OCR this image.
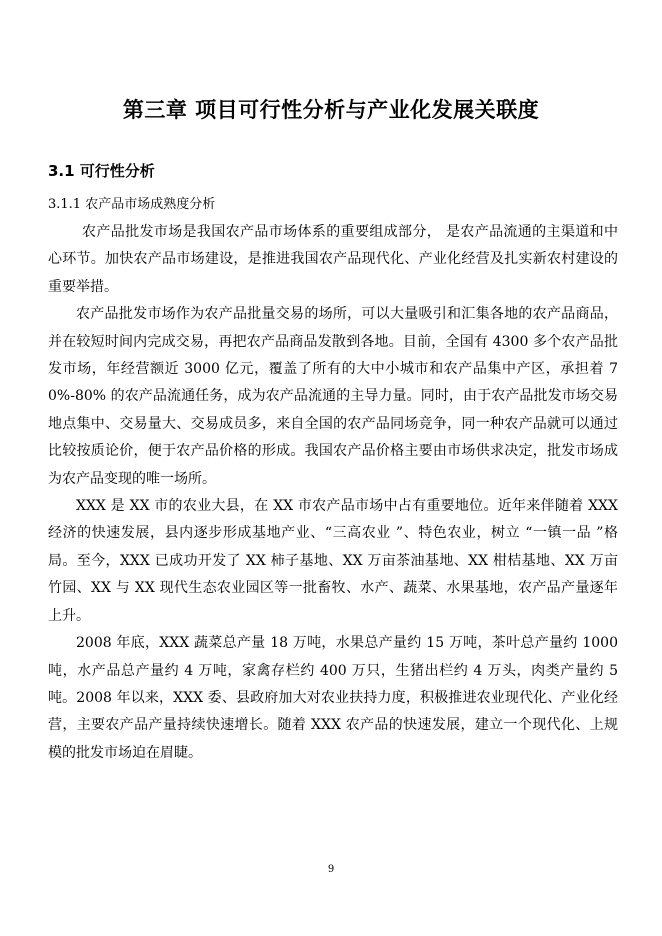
第三章 项目可行性分析与产业化发展关联度
3.1 可行性分析
3.1.1 农产品市场成熟度分析

农产品批发市场是我国农产品市场体系的重要组成部分， 是农产品流通的主渠道和中心环节。加快农产品市场建设，是推进我国农产品现代化、产业化经营及扎实新农村建设的重要举措。

农产品批发市场作为农产品批量交易的场所，可以大量吸引和汇集各地的农产品商品，并在较短时间内完成交易，再把农产品商品发散到各地。目前，全国有 4300 多个农产品批发市场，年经营额近 3000 亿元，覆盖了所有的大中小城市和农产品集中产区，承担着 70%-80% 的农产品流通任务，成为农产品流通的主导力量。同时，由于农产品批发市场交易地点集中、交易量大、交易成员多，来自全国的农产品同场竞争，同一种农产品就可以通过比较按质论价，便于农产品价格的形成。我国农产品价格主要由市场供求决定，批发市场成为农产品变现的唯一场所。

XXX 是 XX 市的农业大县，在 XX 市农产品市场中占有重要地位。近年来伴随着 XXX 经济的快速发展，县内逐步形成基地产业、“三高农业 ”、特色农业，树立 “一镇一品 ”格局。至今，XXX 已成功开发了 XX 柿子基地、XX 万亩茶油基地、XX 柑桔基地、XX 万亩竹园、XX 与 XX 现代生态农业园区等一批畜牧、水产、蔬菜、水果基地，农产品产量逐年上升。

2008 年底，XXX 蔬菜总产量 18 万吨，水果总产量约 15 万吨，茶叶总产量约 1000 吨，水产品总产量约 4 万吨，家禽存栏约 400 万只，生猪出栏约 4 万头，肉类产量约 5 吨。2008 年以来，XXX 委、县政府加大对农业扶持力度，积极推进农业现代化、产业化经营，主要农产品产量持续快速增长。随着 XXX 农产品的快速发展，建立一个现代化、上规模的批发市场迫在眉睫。

9
